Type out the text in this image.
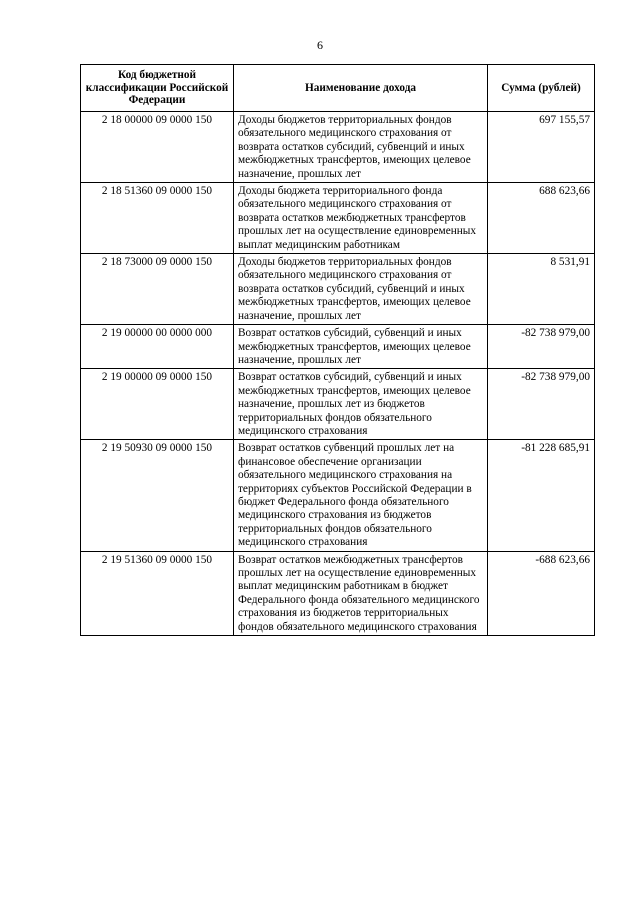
6
Код бюджетной классификации Российской Федерации	Наименование дохода	Сумма (рублей)
2 18 00000 09 0000 150	Доходы бюджетов территориальных фондов обязательного медицинского страхования от возврата остатков субсидий, субвенций и иных межбюджетных трансфертов, имеющих целевое назначение, прошлых лет	697 155,57
2 18 51360 09 0000 150	Доходы бюджета территориального фонда обязательного медицинского страхования от возврата остатков межбюджетных трансфертов прошлых лет на осуществление единовременных выплат медицинским работникам	688 623,66
2 18 73000 09 0000 150	Доходы бюджетов территориальных фондов обязательного медицинского страхования от возврата остатков субсидий, субвенций и иных межбюджетных трансфертов, имеющих целевое назначение, прошлых лет	8 531,91
2 19 00000 00 0000 000	Возврат остатков субсидий, субвенций и иных межбюджетных трансфертов, имеющих целевое назначение, прошлых лет	-82 738 979,00
2 19 00000 09 0000 150	Возврат остатков субсидий, субвенций и иных межбюджетных трансфертов, имеющих целевое назначение, прошлых лет из бюджетов территориальных фондов обязательного медицинского страхования	-82 738 979,00
2 19 50930 09 0000 150	Возврат остатков субвенций прошлых лет на финансовое обеспечение организации обязательного медицинского страхования на территориях субъектов Российской Федерации в бюджет Федерального фонда обязательного медицинского страхования из бюджетов территориальных фондов обязательного медицинского страхования	-81 228 685,91
2 19 51360 09 0000 150	Возврат остатков межбюджетных трансфертов прошлых лет на осуществление единовременных выплат медицинским работникам в бюджет Федерального фонда обязательного медицинского страхования из бюджетов территориальных фондов обязательного медицинского страхования	-688 623,66
